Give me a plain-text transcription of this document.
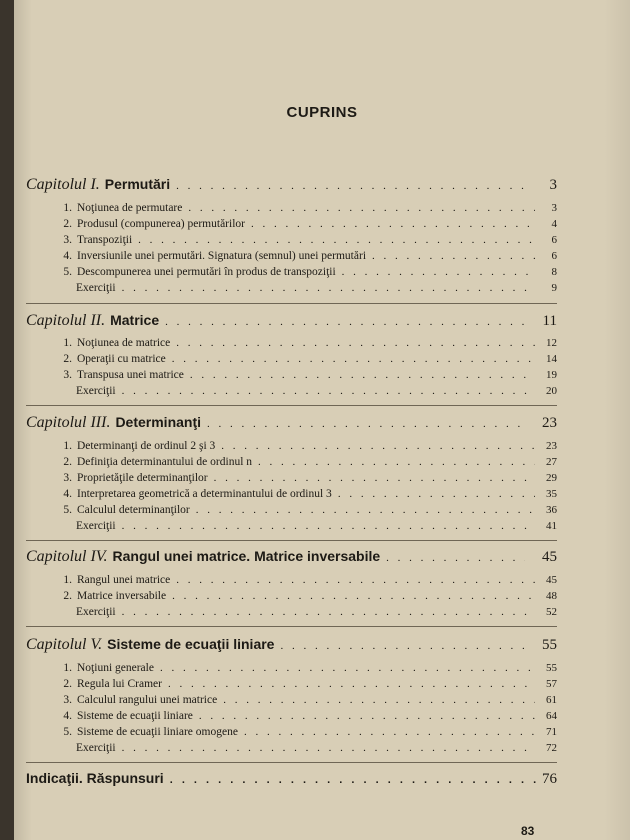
CUPRINS
Capitolul I. Permutări . . .	3
1. Noţiunea de permutare . . .	3
2. Produsul (compunerea) permutărilor . . .	4
3. Transpoziţii . . .	6
4. Inversiunile unei permutări. Signatura (semnul) unei permutări . . .	6
5. Descompunerea unei permutări în produs de transpoziţii . . .	8
Exerciţii . . .	9
Capitolul II. Matrice . . .	11
1. Noţiunea de matrice . . .	12
2. Operaţii cu matrice . . .	14
3. Transpusa unei matrice . . .	19
Exerciţii . . .	20
Capitolul III. Determinanţi . . .	23
1. Determinanţi de ordinul 2 şi 3 . . .	23
2. Definiţia determinantului de ordinul n . . .	27
3. Proprietăţile determinanţilor . . .	29
4. Interpretarea geometrică a determinantului de ordinul 3 . . .	35
5. Calculul determinanţilor . . .	36
Exerciţii . . .	41
Capitolul IV. Rangul unei matrice. Matrice inversabile . . .	45
1. Rangul unei matrice . . .	45
2. Matrice inversabile . . .	48
Exerciţii . . .	52
Capitolul V. Sisteme de ecuaţii liniare . . .	55
1. Noţiuni generale . . .	55
2. Regula lui Cramer . . .	57
3. Calculul rangului unei matrice . . .	61
4. Sisteme de ecuaţii liniare . . .	64
5. Sisteme de ecuaţii liniare omogene . . .	71
Exerciţii . . .	72
Indicaţii. Răspunsuri . . .	76
83
